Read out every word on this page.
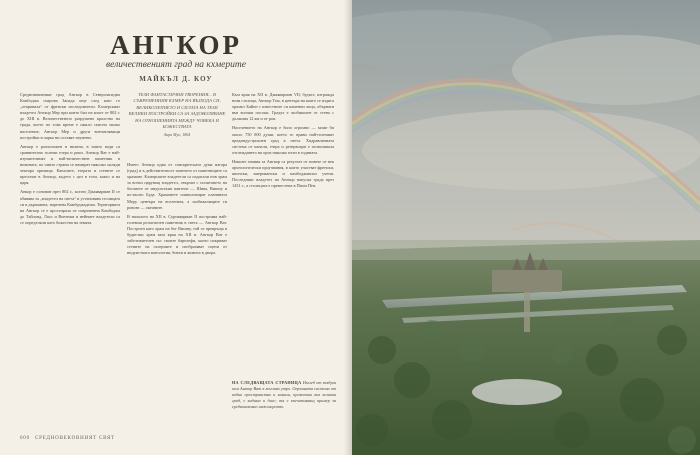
АНГКОР
величественият град на кхмерите
МАЙКЪЛ Д. КОУ

Средновековният град Ангкор в Северозападна Камбоджа очарова Запада още след като го „откриваха“ от френски изследователи. Кхмерският владетел Ангкор Мер при които бил на власт от 802 г. до XIII в. Величественото разрушено кралство на града, което по това време е имало съвсем малко население, Ангкор Мер и други впечатляващи постройки в парка ни оставят изумени.

Ангкор е разположен в низина, в чиито води са сравнително големи езера и реки. Ангкор Ват е най-изумителният и най-величествен паметник в низината, по чиито страни се намират няколко хиляди хектара оризища. Каналите, езерата и стените се пресичат в Ангкор, където с цел в този, както и на царя.

Анкор е основан през 802 г., когато Джаяварман II се обявява за „владетел на света“ и установява столицата си в държавата, наречена Камбуджадеша. Територията на Ангкор се е простирала от съвременна Камбоджа до Тайланд, Лаос и Виетнам и нейните владетели са се определяли като божества на земята.

ТЕЗИ ФАНТАСТИЧНИ ТВОРЕНИЯ... В СЪВРЕМЕННИЯ КХМЕР НА ВЪЗХОДА СИ, ВЕЛИКОЛЕПИЕТО И СИЛАТА НА ТЕЗИ ВЕЛИКИ ПОСТРОЙКИ СА ЗА ЗАДОВОЛЯВАНЕ НА ОТНОШЕНИЯТА МЕЖДУ ЧОВЕКА И БОЖЕСТВАТА
Анри Муо, 1864

Името Ангкор идва от санскритската дума нагара (град) и в действителност повечето от паметниците са храмове. Кхмерските владетели са издигали нов храм за всеки царуващ владетел, свързан с почитането на боговете от индуисткия пантеон — Шива, Вишну и по-късно Буда. Храмовете символизират планината Меру, центъра на вселената, а заобикалящите ги ровове — океаните.

В началото на XII в. Сурияварман II построява най-големия религиозен паметник в света — Ангкор Ват. Построен като храм на бог Вишну, той се превръща в будистки храм към края на XII в. Ангкор Ват е забележителен със своите барелефи, които покриват стените на галериите и изобразяват сцени от индуистката митология, битки и живота в двора.

Към края на XII в. Джаяварман VII, будист, изгражда нова столица, Ангкор Том, в центъра на която се издига храмът Байон с известните си каменни лица, обърнати във всички посоки. Градът е заобиколен от стена с дължина 12 км и от ров.

Населението на Ангкор е било огромно — може би около 750 000 души, което го прави най-големият прединдустриален град в света. Хидравличната система от канали, езера и резервоари е позволявала отглеждането на ориз няколко пъти в годината.

Нашите знания за Ангкор са резултат от повече от век археологически проучвания, в които участват френски, японски, американски и камбоджански учени. Последният владетел на Ангкор напуска града през 1431 г., а столицата е преместена в Пном Пен.

НА СЛЕДВАЩАТА СТРАНИЦА Изглед от въздуха към Ангкор Ват в мъгливо утро. Огромната система от водни пространства и канали, прокопани във великия град, е видима и днес; тя е впечатляващ пример за средновековно инженерство.
000 СРЕДНОВЕКОВНИЯТ СВЯТ
